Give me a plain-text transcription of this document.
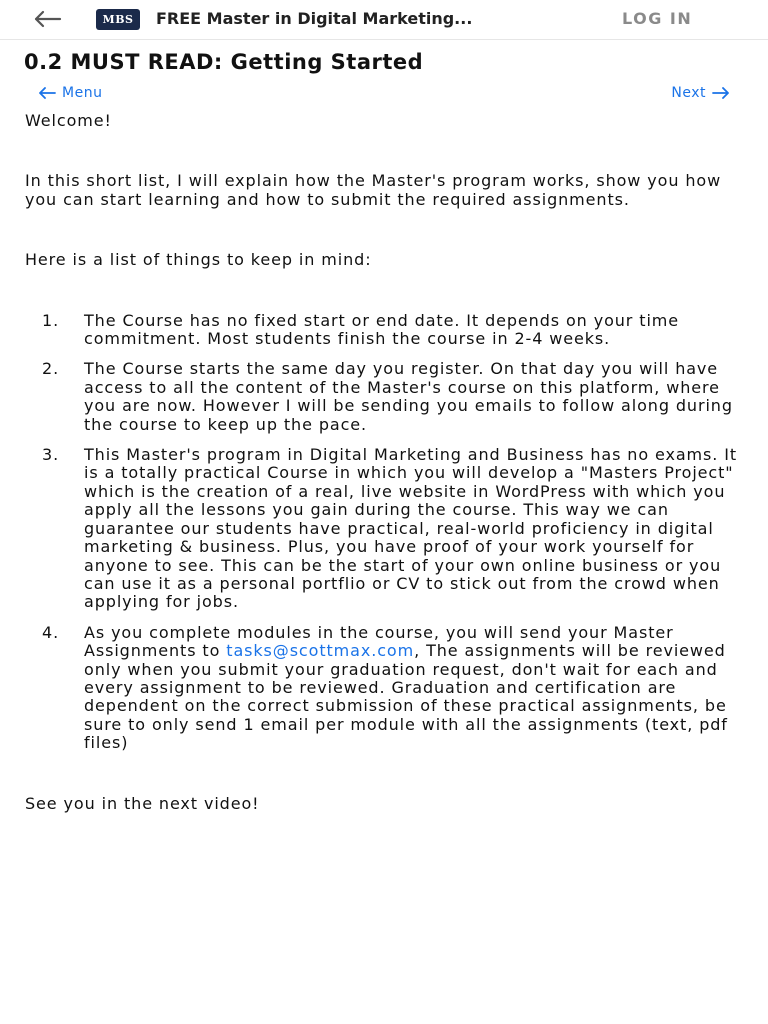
MBS	FREE Master in Digital Marketing...	LOG IN
0.2 MUST READ: Getting Started
Menu	Next

Welcome!

In this short list, I will explain how the Master's program works, show you how you can start learning and how to submit the required assignments.

Here is a list of things to keep in mind:

1.	The Course has no fixed start or end date. It depends on your time commitment. Most students finish the course in 2-4 weeks.
2.	The Course starts the same day you register. On that day you will have access to all the content of the Master's course on this platform, where you are now. However I will be sending you emails to follow along during the course to keep up the pace.
3.	This Master's program in Digital Marketing and Business has no exams. It is a totally practical Course in which you will develop a "Masters Project" which is the creation of a real, live website in WordPress with which you apply all the lessons you gain during the course. This way we can guarantee our students have practical, real-world proficiency in digital marketing & business. Plus, you have proof of your work yourself for anyone to see. This can be the start of your own online business or you can use it as a personal portflio or CV to stick out from the crowd when applying for jobs.
4.	As you complete modules in the course, you will send your Master Assignments to tasks@scottmax.com, The assignments will be reviewed only when you submit your graduation request, don't wait for each and every assignment to be reviewed. Graduation and certification are dependent on the correct submission of these practical assignments, be sure to only send 1 email per module with all the assignments (text, pdf files)

See you in the next video!
